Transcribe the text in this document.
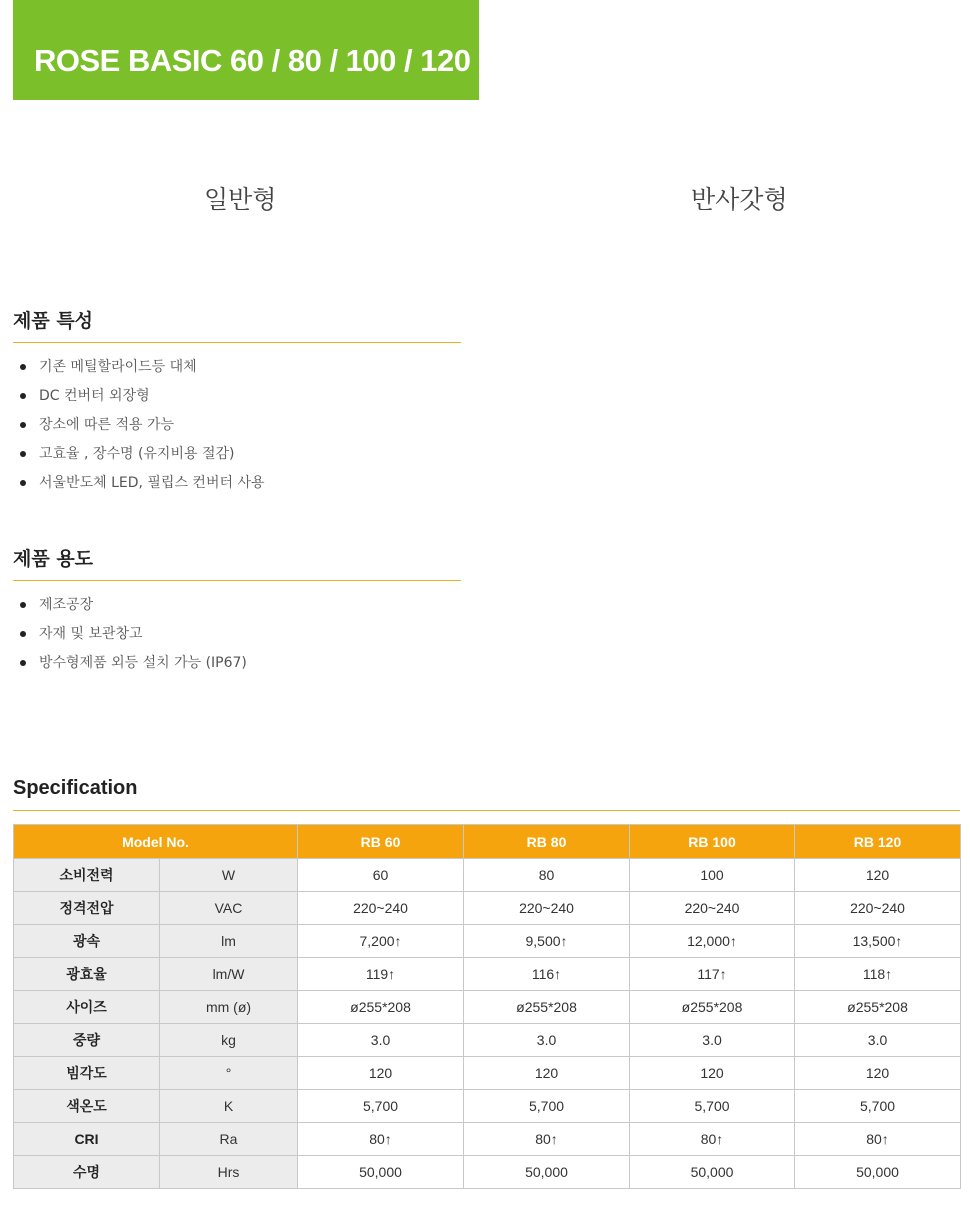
ROSE BASIC 60 / 80 / 100 / 120
일반형	반사갓형
제품 특성
기존 메틸할라이드등 대체
DC 컨버터 외장형
장소에 따른 적용 가능
고효율 , 장수명 (유지비용 절감)
서울반도체 LED, 필립스 컨버터 사용
제품 용도
제조공장
자재 및 보관창고
방수형제품 외등 설치 가능 (IP67)
Specification
Model No.		RB 60	RB 80	RB 100	RB 120
소비전력	W	60	80	100	120
정격전압	VAC	220~240	220~240	220~240	220~240
광속	lm	7,200↑	9,500↑	12,000↑	13,500↑
광효율	lm/W	119↑	116↑	117↑	118↑
사이즈	mm (ø)	ø255*208	ø255*208	ø255*208	ø255*208
중량	kg	3.0	3.0	3.0	3.0
빔각도	°	120	120	120	120
색온도	K	5,700	5,700	5,700	5,700
CRI	Ra	80↑	80↑	80↑	80↑
수명	Hrs	50,000	50,000	50,000	50,000
